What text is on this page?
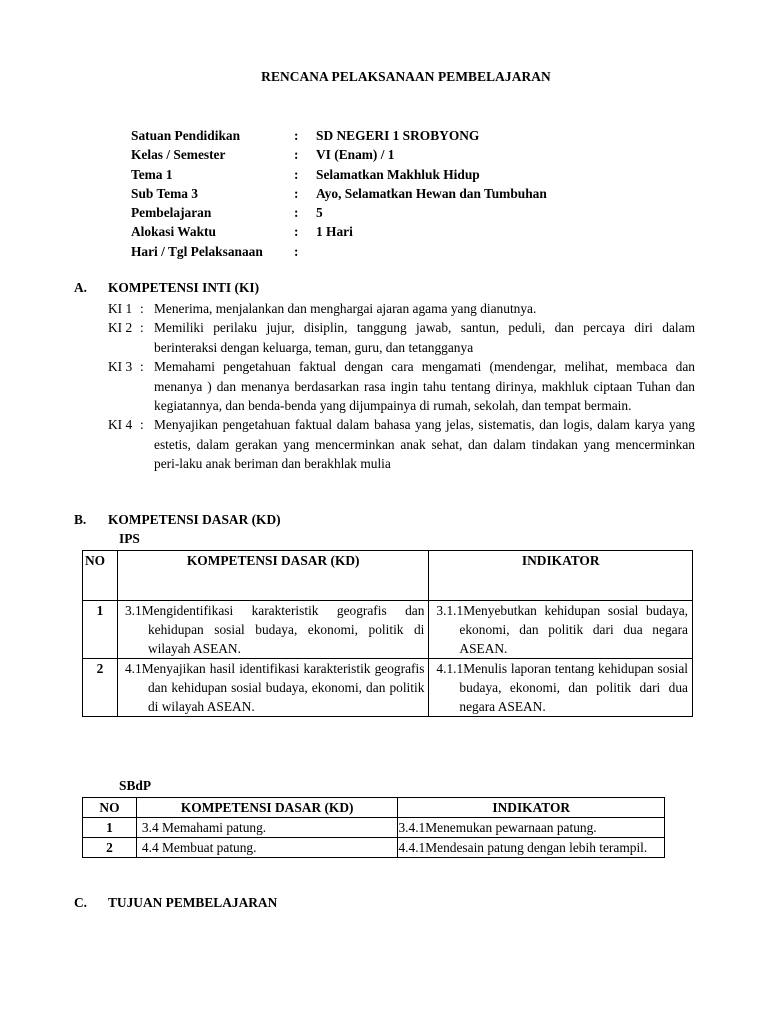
RENCANA PELAKSANAAN PEMBELAJARAN
Satuan Pendidikan	:	SD NEGERI 1 SROBYONG
Kelas / Semester	:	VI (Enam) / 1
Tema 1	:	Selamatkan Makhluk Hidup
Sub Tema 3	:	Ayo, Selamatkan Hewan dan Tumbuhan
Pembelajaran	:	5
Alokasi Waktu	:	1 Hari
Hari / Tgl Pelaksanaan	:
A. KOMPETENSI INTI (KI)
KI 1 : Menerima, menjalankan dan menghargai ajaran agama yang dianutnya.
KI 2 : Memiliki perilaku jujur, disiplin, tanggung jawab, santun, peduli, dan percaya diri dalam berinteraksi dengan keluarga, teman, guru, dan tetangganya
KI 3 : Memahami pengetahuan faktual dengan cara mengamati (mendengar, melihat, membaca dan menanya ) dan menanya berdasarkan rasa ingin tahu tentang dirinya, makhluk ciptaan Tuhan dan kegiatannya, dan benda-benda yang dijumpainya di rumah, sekolah, dan tempat bermain.
KI 4 : Menyajikan pengetahuan faktual dalam bahasa yang jelas, sistematis, dan logis, dalam karya yang estetis, dalam gerakan yang mencerminkan anak sehat, dan dalam tindakan yang mencerminkan peri-laku anak beriman dan berakhlak mulia
B. KOMPETENSI DASAR (KD)
IPS
NO	KOMPETENSI DASAR (KD)	INDIKATOR
1	3.1Mengidentifikasi karakteristik geografis dan kehidupan sosial budaya, ekonomi, politik di wilayah ASEAN.	3.1.1Menyebutkan kehidupan sosial budaya, ekonomi, dan politik dari dua negara ASEAN.
2	4.1Menyajikan hasil identifikasi karakteristik geografis dan kehidupan sosial budaya, ekonomi, dan politik di wilayah ASEAN.	4.1.1Menulis laporan tentang kehidupan sosial budaya, ekonomi, dan politik dari dua negara ASEAN.
SBdP
NO	KOMPETENSI DASAR (KD)	INDIKATOR
1	3.4 Memahami patung.	3.4.1Menemukan pewarnaan patung.
2	4.4 Membuat patung.	4.4.1Mendesain patung dengan lebih terampil.
C. TUJUAN PEMBELAJARAN
